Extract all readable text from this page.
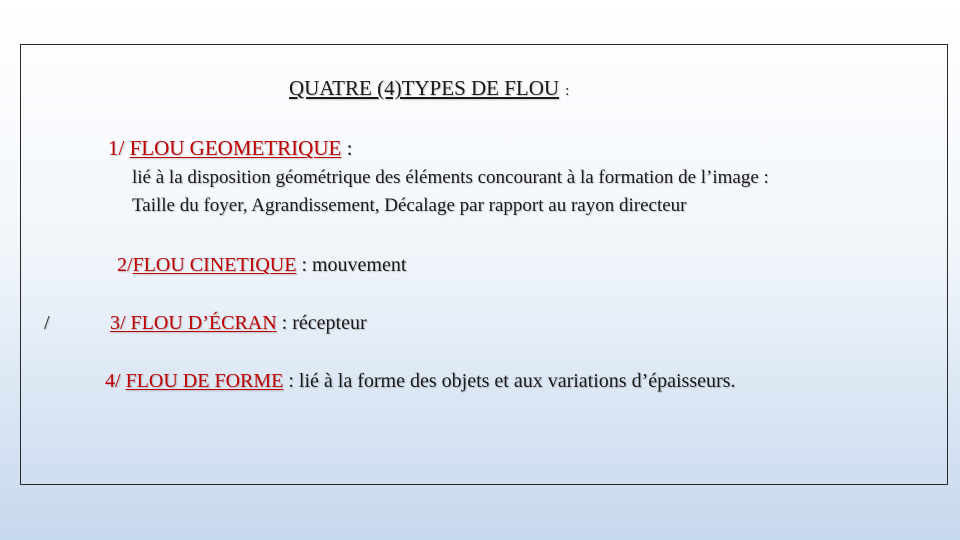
QUATRE (4)TYPES DE FLOU :
1/ FLOU GEOMETRIQUE :
lié à la disposition géométrique des éléments concourant à la formation de l’image :
Taille du foyer, Agrandissement, Décalage par rapport au rayon directeur
2/FLOU CINETIQUE : mouvement
/	3/ FLOU D’ÉCRAN : récepteur
4/ FLOU DE FORME : lié à la forme des objets et aux variations d’épaisseurs.
